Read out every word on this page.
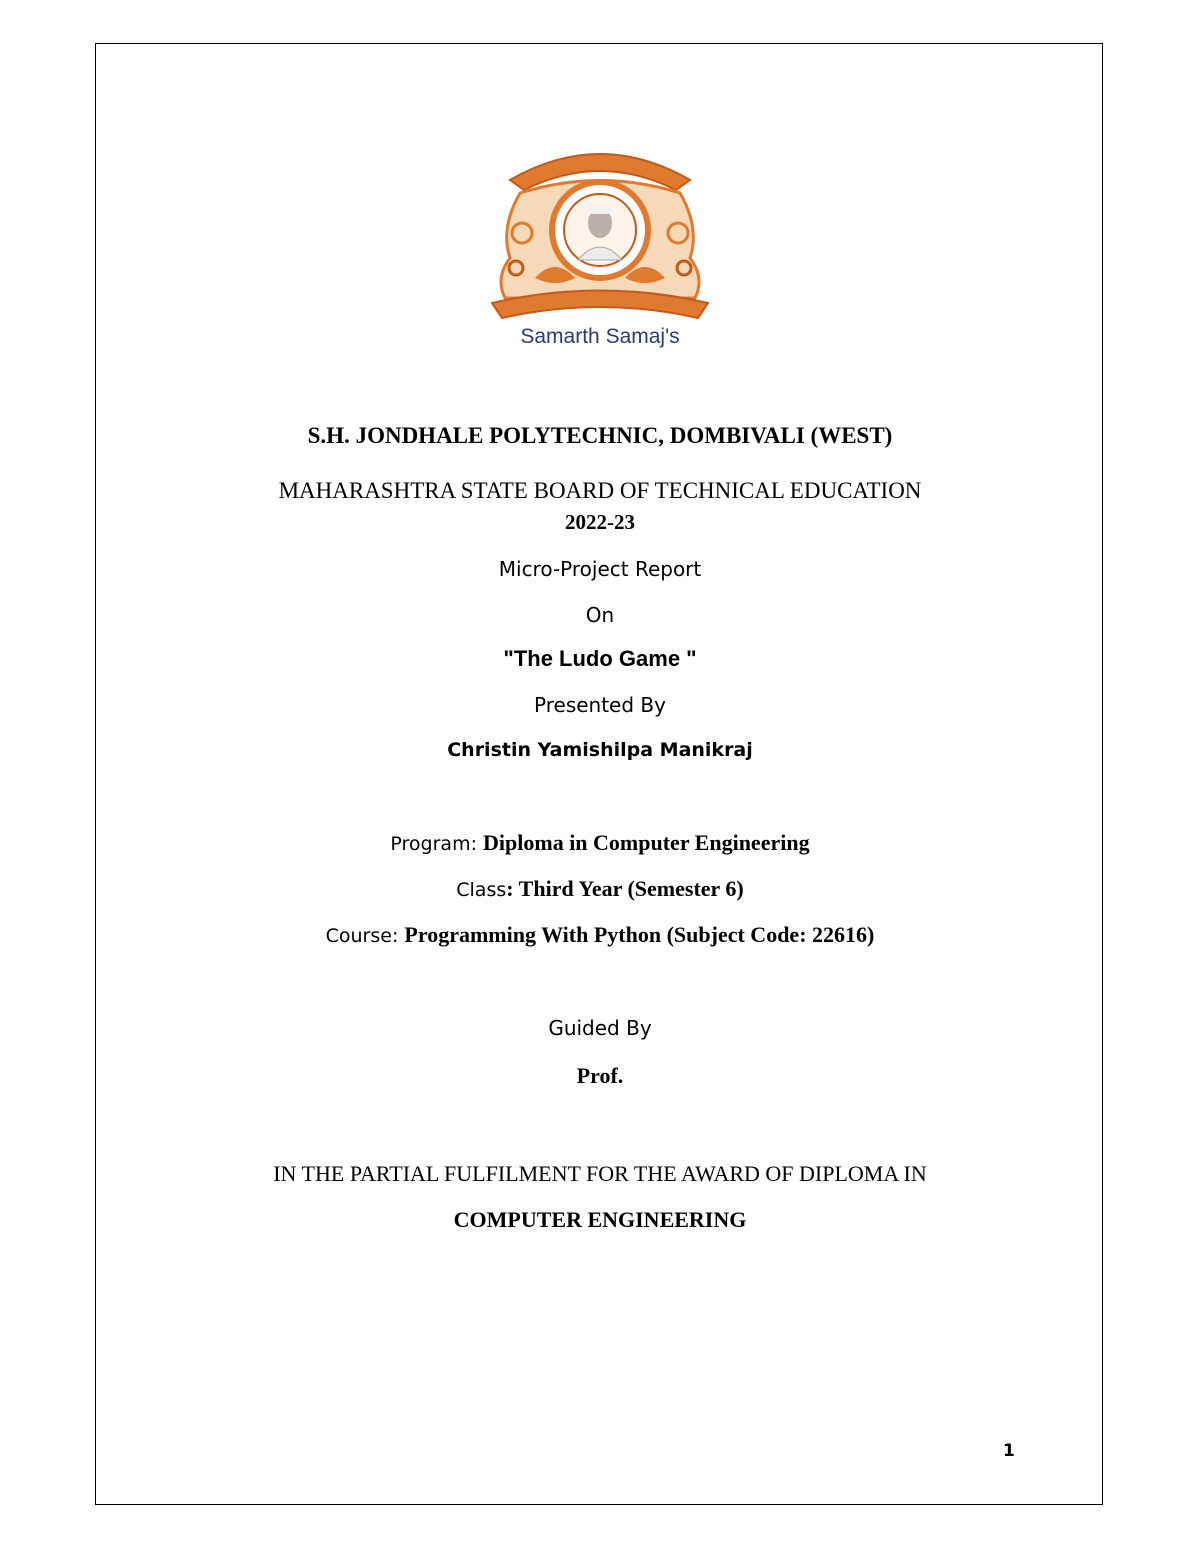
Samarth Samaj's
S.H. JONDHALE POLYTECHNIC, DOMBIVALI (WEST)
MAHARASHTRA STATE BOARD OF TECHNICAL EDUCATION
2022-23
Micro-Project Report
On
"The Ludo Game "
Presented By
Christin Yamishilpa Manikraj
Program: Diploma in Computer Engineering
Class: Third Year (Semester 6)
Course: Programming With Python (Subject Code: 22616)
Guided By
Prof.
IN THE PARTIAL FULFILMENT FOR THE AWARD OF DIPLOMA IN
COMPUTER ENGINEERING
1
